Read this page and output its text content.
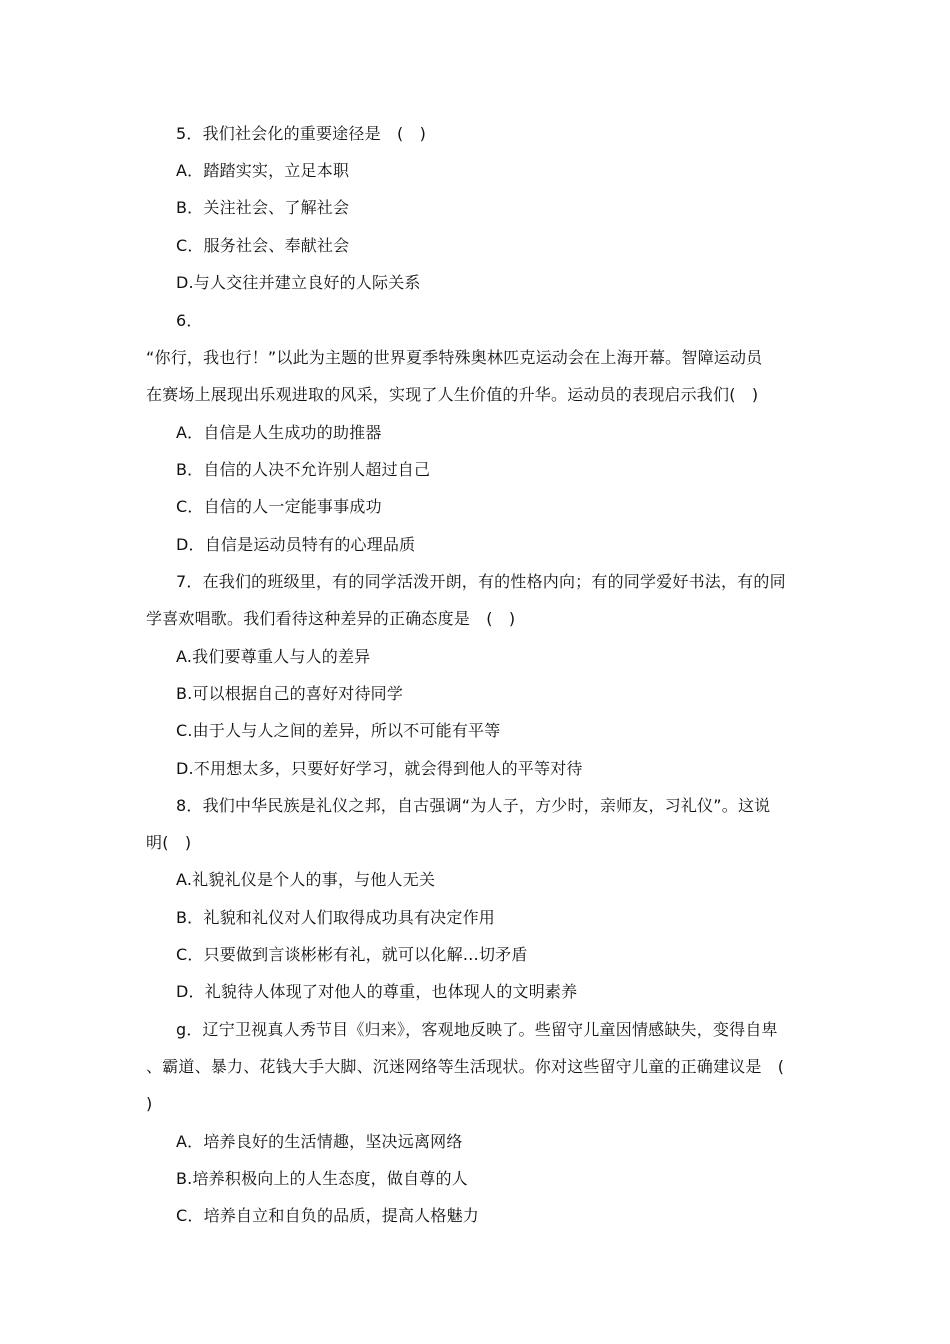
5．我们社会化的重要途径是　(　)
A．踏踏实实，立足本职
B．关注社会、了解社会
C．服务社会、奉献社会
D.与人交往并建立良好的人际关系
6．
“你行，我也行！”以此为主题的世界夏季特殊奥林匹克运动会在上海开幕。智障运动员
在赛场上展现出乐观进取的风采，实现了人生价值的升华。运动员的表现启示我们(　)
A．自信是人生成功的助推器
B．自信的人决不允许别人超过自己
C．自信的人一定能事事成功
D．自信是运动员特有的心理品质
7．在我们的班级里，有的同学活泼开朗，有的性格内向；有的同学爱好书法，有的同
学喜欢唱歌。我们看待这种差异的正确态度是　(　)
A.我们要尊重人与人的差异
B.可以根据自己的喜好对待同学
C.由于人与人之间的差异，所以不可能有平等
D.不用想太多，只要好好学习，就会得到他人的平等对待
8．我们中华民族是礼仪之邦，自古强调“为人子，方少时，亲师友，习礼仪”。这说
明(　)
A.礼貌礼仪是个人的事，与他人无关
B．礼貌和礼仪对人们取得成功具有决定作用
C．只要做到言谈彬彬有礼，就可以化解…切矛盾
D．礼貌待人体现了对他人的尊重，也体现人的文明素养
g．辽宁卫视真人秀节目《归来》，客观地反映了。些留守儿童因情感缺失，变得自卑
、霸道、暴力、花钱大手大脚、沉迷网络等生活现状。你对这些留守儿童的正确建议是　(
)
A．培养良好的生活情趣，坚决远离网络
B.培养积极向上的人生态度，做自尊的人
C．培养自立和自负的品质，提高人格魅力
